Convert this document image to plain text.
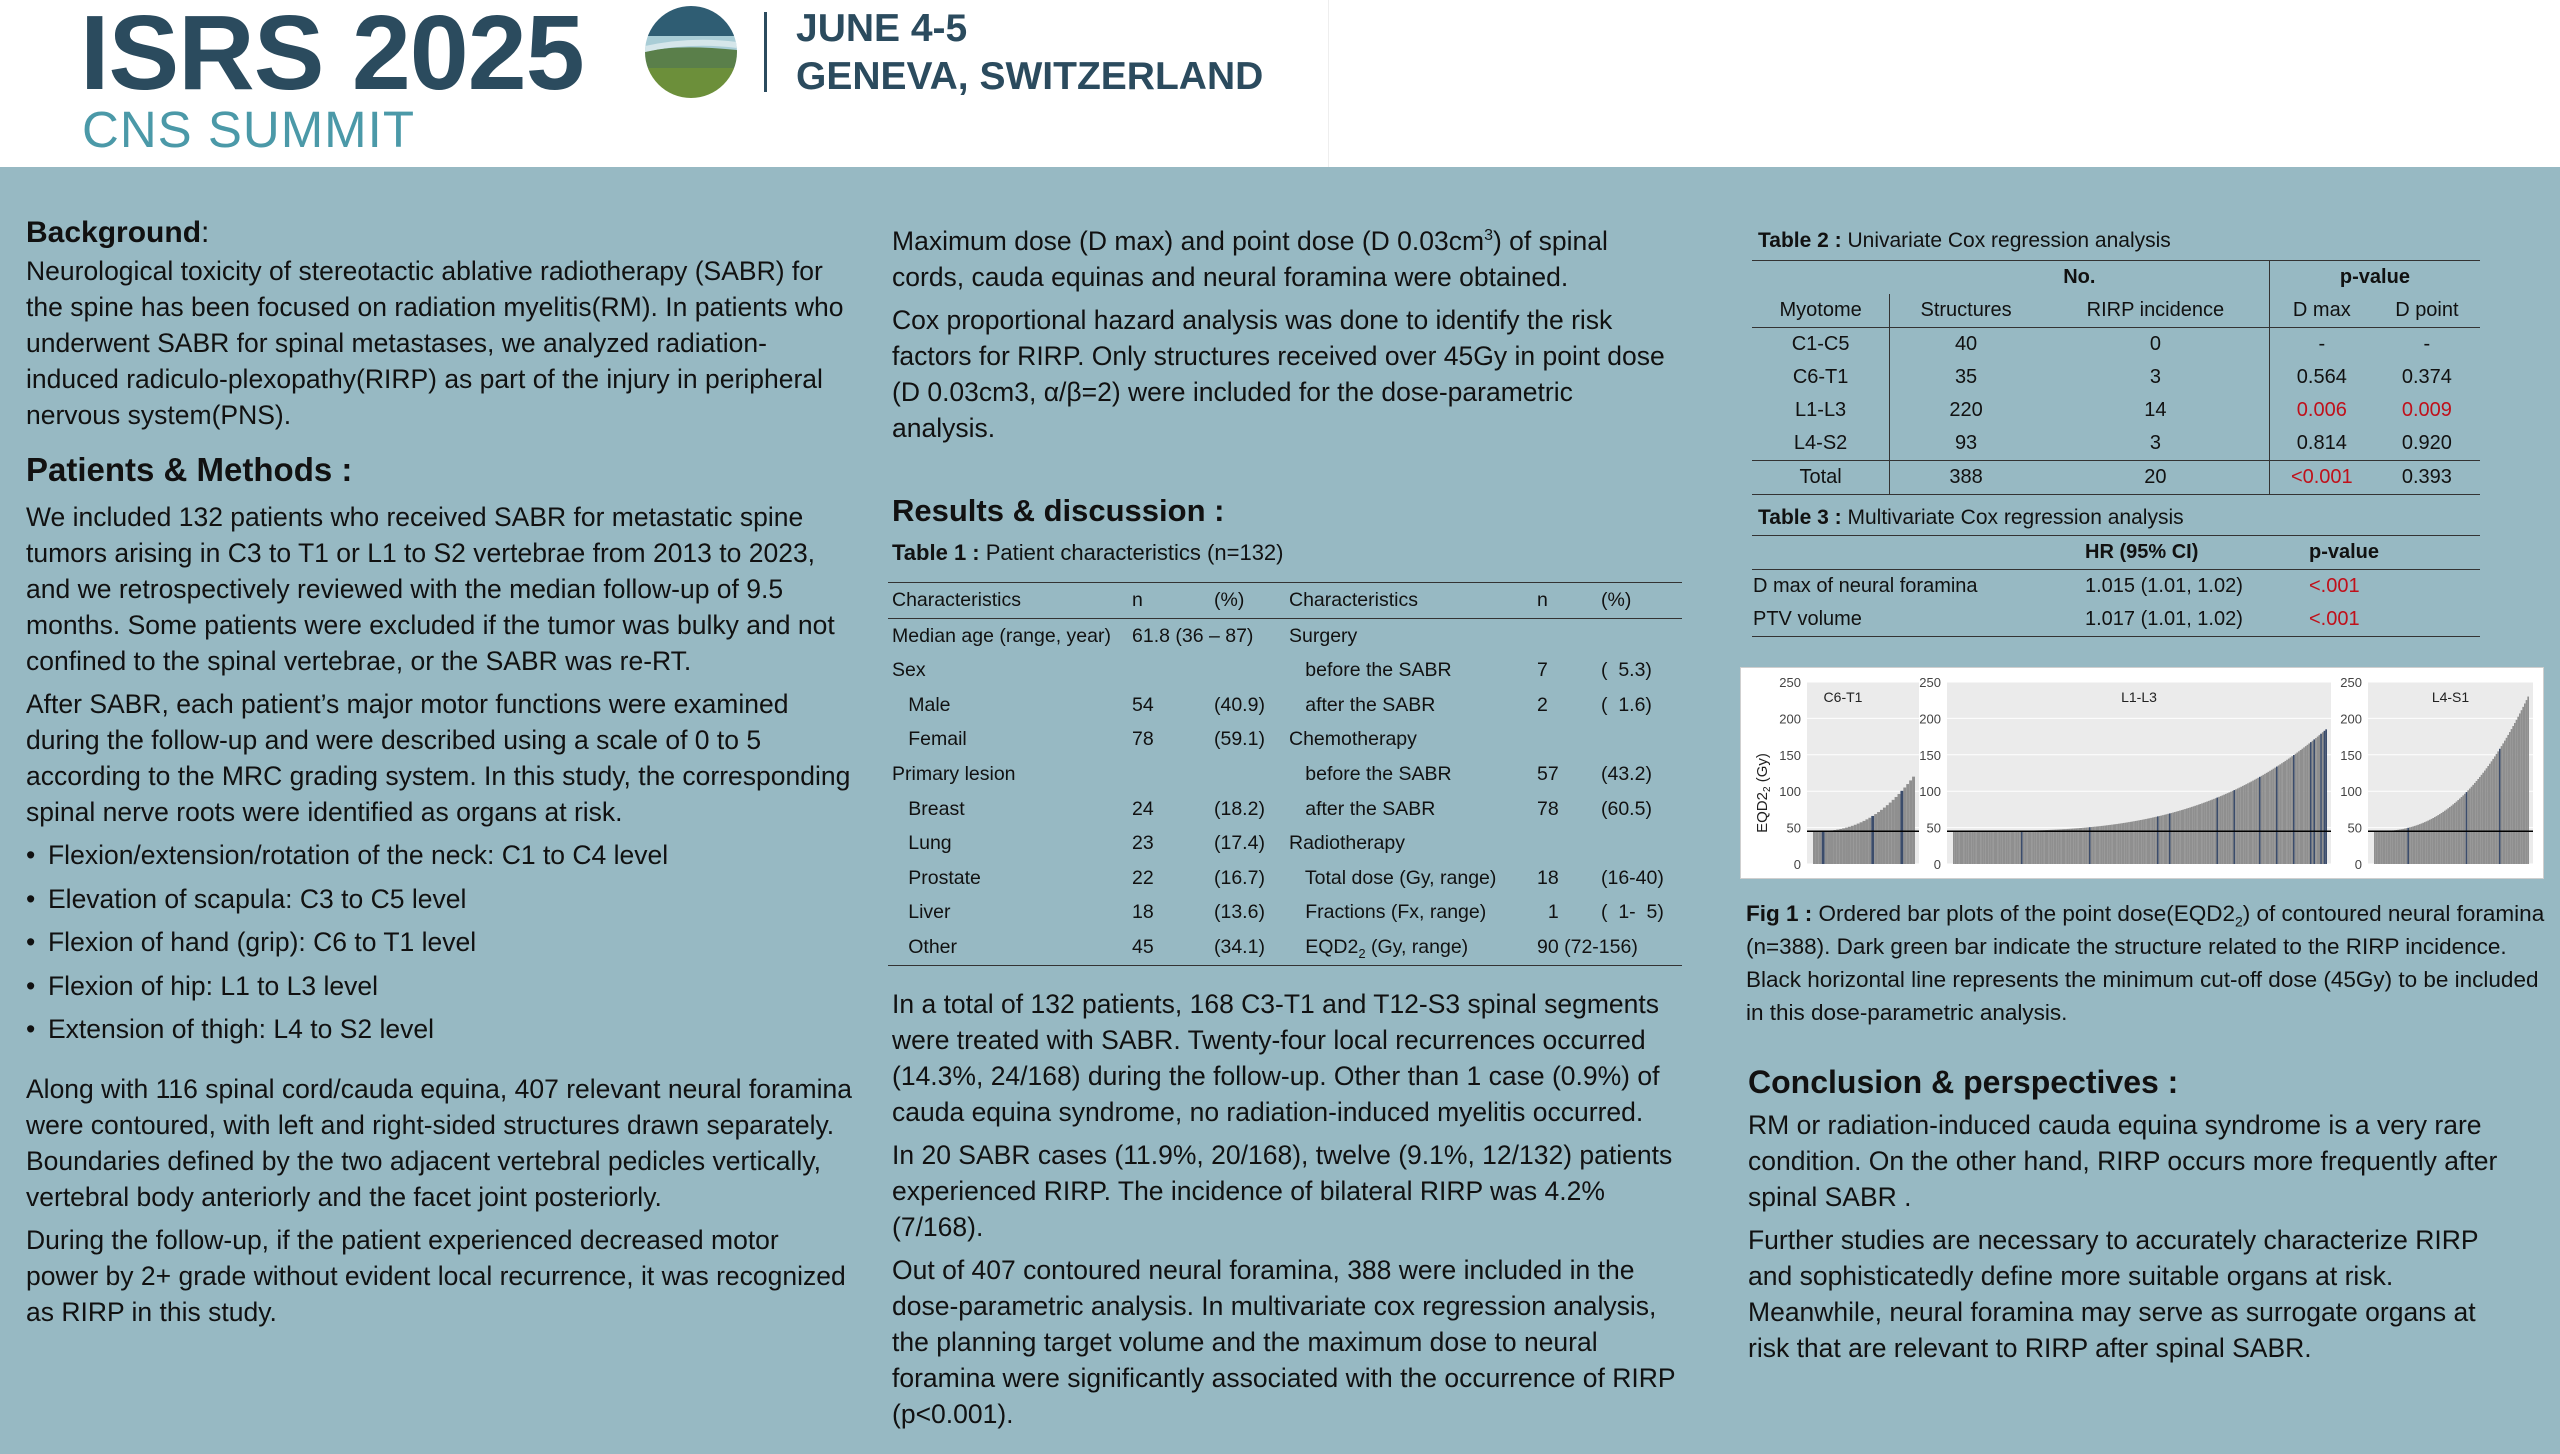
ISRS 2025
CNS SUMMIT
JUNE 4-5
GENEVA, SWITZERLAND
Background:

Neurological toxicity of stereotactic ablative radiotherapy (SABR) for the spine has been focused on radiation myelitis(RM). In patients who underwent SABR for spinal metastases, we analyzed radiation-induced radiculo-plexopathy(RIRP) as part of the injury in peripheral nervous system(PNS).

Patients & Methods :

We included 132 patients who received SABR for metastatic spine tumors arising in C3 to T1 or L1 to S2 vertebrae from 2013 to 2023, and we retrospectively reviewed with the median follow-up of 9.5 months. Some patients were excluded if the tumor was bulky and not confined to the spinal vertebrae, or the SABR was re-RT.

After SABR, each patient’s major motor functions were examined during the follow-up and were described using a scale of 0 to 5 according to the MRC grading system. In this study, the corresponding spinal nerve roots were identified as organs at risk.

• Flexion/extension/rotation of the neck: C1 to C4 level
• Elevation of scapula: C3 to C5 level
• Flexion of hand (grip): C6 to T1 level
• Flexion of hip: L1 to L3 level
• Extension of thigh: L4 to S2 level

Along with 116 spinal cord/cauda equina, 407 relevant neural foramina were contoured, with left and right-sided structures drawn separately. Boundaries defined by the two adjacent vertebral pedicles vertically, vertebral body anteriorly and the facet joint posteriorly.

During the follow-up, if the patient experienced decreased motor power by 2+ grade without evident local recurrence, it was recognized as RIRP in this study.

Maximum dose (D max) and point dose (D $0.03cm^3$) of spinal cords, cauda equinas and neural foramina were obtained.

Cox proportional hazard analysis was done to identify the risk factors for RIRP. Only structures received over 45Gy in point dose (D 0.03cm3, α/β=2) were included for the dose-parametric analysis.

Results & discussion :
Table 1 : Patient characteristics (n=132)
Characteristics	n	(%)
Median age (range, year)	61.8 (36 – 87)	
Sex		
Male	54	(40.9)
Femail	78	(59.1)
Primary lesion		
Breast	24	(18.2)
Lung	23	(17.4)
Prostate	22	(16.7)
Liver	18	(13.6)
Other	45	(34.1)
Characteristics	n	(%)
Surgery		
before the SABR	7	(  5.3)
after the SABR	2	(  1.6)
Chemotherapy		
before the SABR	57	(43.2)
after the SABR	78	(60.5)
Radiotherapy		
Total dose (Gy, range)	18	(16-40)
Fractions (Fx, range)	1	(  1-  5)
$EQD2_2$ (Gy, range)	90 (72-156)	

In a total of 132 patients, 168 C3-T1 and T12-S3 spinal segments were treated with SABR. Twenty-four local recurrences occurred (14.3%, 24/168) during the follow-up. Other than 1 case (0.9%) of cauda equina syndrome, no radiation-induced myelitis occurred.

In 20 SABR cases (11.9%, 20/168), twelve (9.1%, 12/132) patients experienced RIRP. The incidence of bilateral RIRP was 4.2% (7/168).

Out of 407 contoured neural foramina, 388 were included in the dose-parametric analysis. In multivariate cox regression analysis, the planning target volume and the maximum dose to neural foramina were significantly associated with the occurrence of RIRP (p<0.001).

Table 2 : Univariate Cox regression analysis
	No.		p-value	
Myotome	Structures	RIRP incidence	D max	D point
C1-C5	40	0	-	-
C6-T1	35	3	0.564	0.374
L1-L3	220	14	0.006	0.009
L4-S2	93	3	0.814	0.920
Total	388	20	<0.001	0.393
Table 3 : Multivariate Cox regression analysis
	HR (95% CI)	p-value
D max of neural foramina	1.015 (1.01, 1.02)	<.001
PTV volume	1.017 (1.01, 1.02)	<.001
$EQD2_2$ (Gy)
250
200
150
100
50
0
C6-T1
250
200
150
100
50
0
L1-L3
250
200
150
100
50
0
L4-S1
Fig 1 : Ordered bar plots of the point $dose(EQD2_2)$ of contoured neural foramina (n=388). Dark green bar indicate the structure related to the RIRP incidence. Black horizontal line represents the minimum cut-off dose (45Gy) to be included in this dose-parametric analysis.
Conclusion & perspectives :

RM or radiation-induced cauda equina syndrome is a very rare condition. On the other hand, RIRP occurs more frequently after spinal SABR .

Further studies are necessary to accurately characterize RIRP and sophisticatedly define more suitable organs at risk. Meanwhile, neural foramina may serve as surrogate organs at risk that are relevant to RIRP after spinal SABR.
